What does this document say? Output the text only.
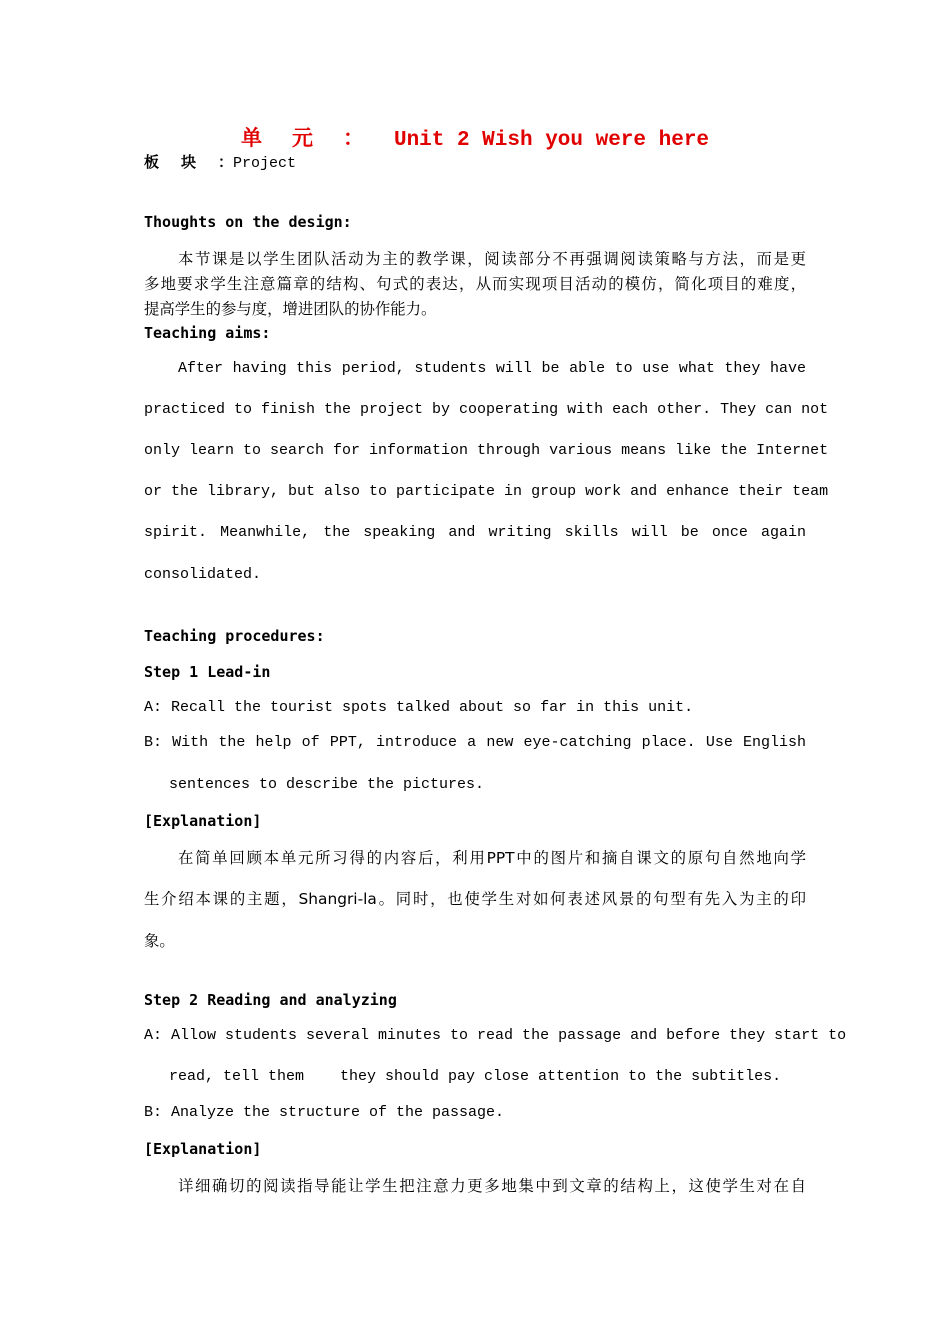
单元：Unit 2 Wish you were here
板块：Project
Thoughts on the design:
本节课是以学生团队活动为主的教学课，阅读部分不再强调阅读策略与方法，而是更
多地要求学生注意篇章的结构、句式的表达，从而实现项目活动的模仿，简化项目的难度，
提高学生的参与度，增进团队的协作能力。
Teaching aims:
After having this period, students will be able to use what they have
practiced to finish the project by cooperating with each other. They can not
only learn to search for information through various means like the Internet
or the library, but also to participate in group work and enhance their team
spirit. Meanwhile, the speaking and writing skills will be once again
consolidated.
Teaching procedures:
Step 1 Lead-in
A: Recall the tourist spots talked about so far in this unit.
B: With the help of PPT, introduce a new eye-catching place. Use English
sentences to describe the pictures.
[Explanation]
在简单回顾本单元所习得的内容后，利用PPT中的图片和摘自课文的原句自然地向学
生介绍本课的主题，Shangri-la。同时，也使学生对如何表述风景的句型有先入为主的印
象。
Step 2 Reading and analyzing
A: Allow students several minutes to read the passage and before they start to
read, tell them    they should pay close attention to the subtitles.
B: Analyze the structure of the passage.
[Explanation]
详细确切的阅读指导能让学生把注意力更多地集中到文章的结构上，这使学生对在自
